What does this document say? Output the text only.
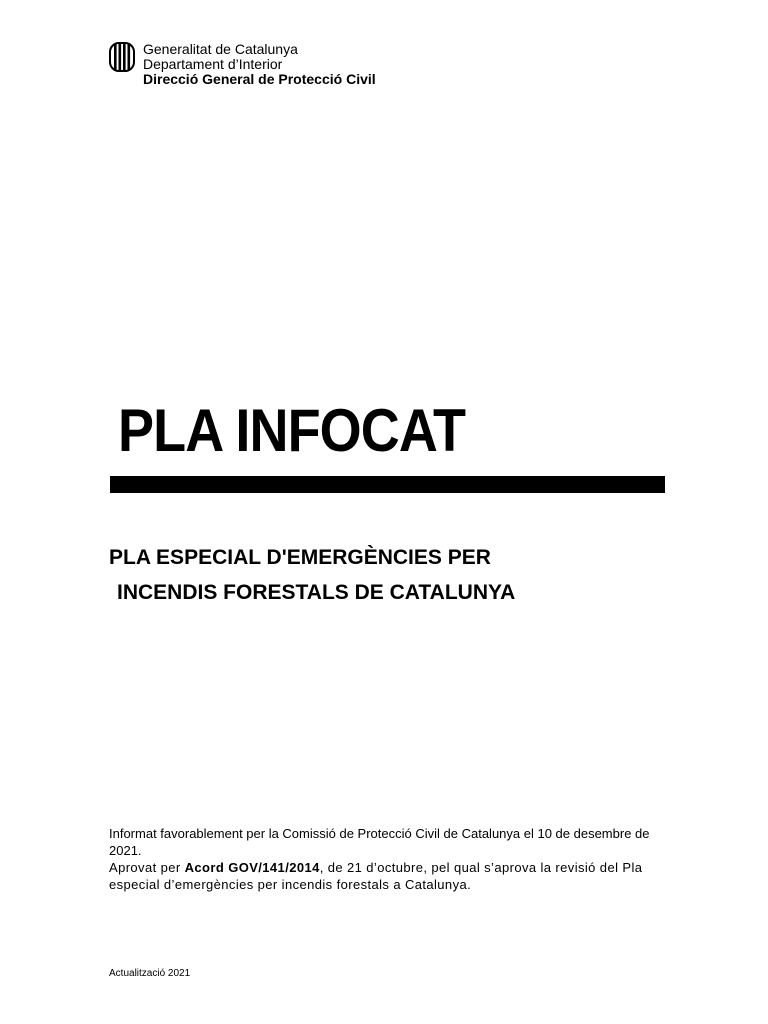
Generalitat de Catalunya
Departament d’Interior
Direcció General de Protecció Civil
PLA INFOCAT
PLA ESPECIAL D'EMERGÈNCIES PER
INCENDIS FORESTALS DE CATALUNYA
Informat favorablement per la Comissió de Protecció Civil de Catalunya el 10 de desembre de 2021.
Aprovat per Acord GOV/141/2014, de 21 d’octubre, pel qual s’aprova la revisió del Pla especial d’emergències per incendis forestals a Catalunya.
Actualització 2021
